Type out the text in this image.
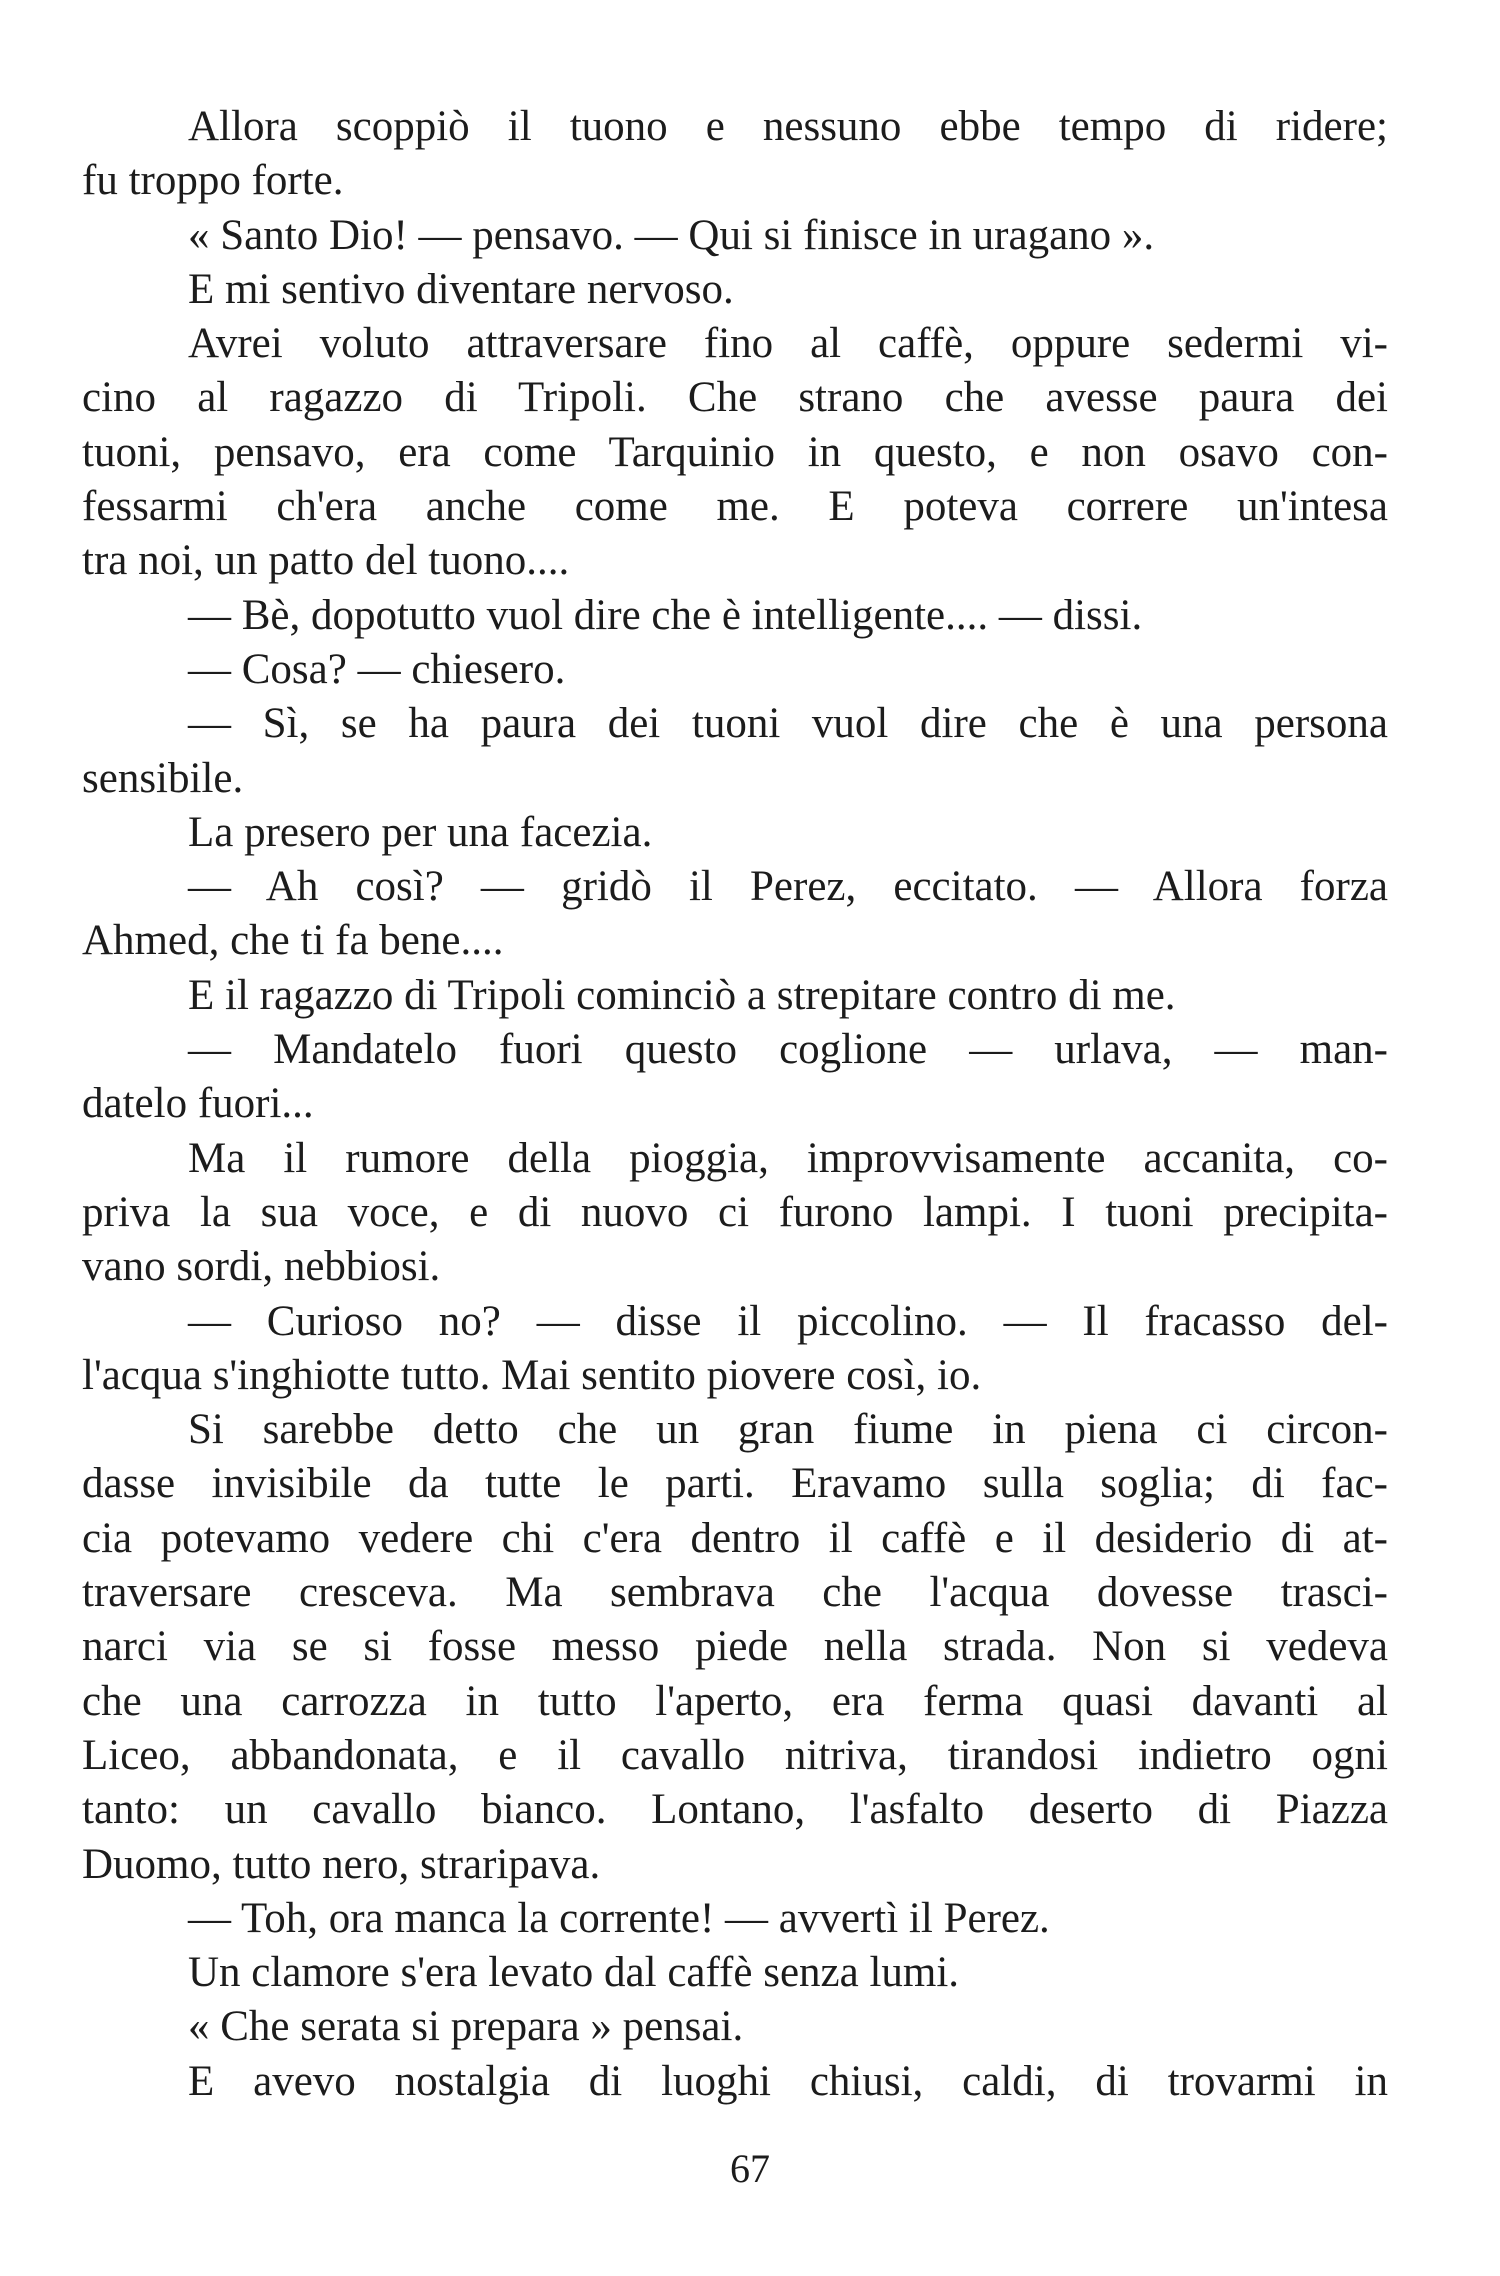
Allora scoppiò il tuono e nessuno ebbe tempo di ridere;
fu troppo forte.
« Santo Dio! — pensavo. — Qui si finisce in uragano ».
E mi sentivo diventare nervoso.
Avrei voluto attraversare fino al caffè, oppure sedermi vi-
cino al ragazzo di Tripoli. Che strano che avesse paura dei
tuoni, pensavo, era come Tarquinio in questo, e non osavo con-
fessarmi ch'era anche come me. E poteva correre un'intesa
tra noi, un patto del tuono....
— Bè, dopotutto vuol dire che è intelligente.... — dissi.
— Cosa? — chiesero.
— Sì, se ha paura dei tuoni vuol dire che è una persona
sensibile.
La presero per una facezia.
— Ah così? — gridò il Perez, eccitato. — Allora forza
Ahmed, che ti fa bene....
E il ragazzo di Tripoli cominciò a strepitare contro di me.
— Mandatelo fuori questo coglione — urlava, — man-
datelo fuori...
Ma il rumore della pioggia, improvvisamente accanita, co-
priva la sua voce, e di nuovo ci furono lampi. I tuoni precipita-
vano sordi, nebbiosi.
— Curioso no? — disse il piccolino. — Il fracasso del-
l'acqua s'inghiotte tutto. Mai sentito piovere così, io.
Si sarebbe detto che un gran fiume in piena ci circon-
dasse invisibile da tutte le parti. Eravamo sulla soglia; di fac-
cia potevamo vedere chi c'era dentro il caffè e il desiderio di at-
traversare cresceva. Ma sembrava che l'acqua dovesse trasci-
narci via se si fosse messo piede nella strada. Non si vedeva
che una carrozza in tutto l'aperto, era ferma quasi davanti al
Liceo, abbandonata, e il cavallo nitriva, tirandosi indietro ogni
tanto: un cavallo bianco. Lontano, l'asfalto deserto di Piazza
Duomo, tutto nero, straripava.
— Toh, ora manca la corrente! — avvertì il Perez.
Un clamore s'era levato dal caffè senza lumi.
« Che serata si prepara » pensai.
E avevo nostalgia di luoghi chiusi, caldi, di trovarmi in
67
